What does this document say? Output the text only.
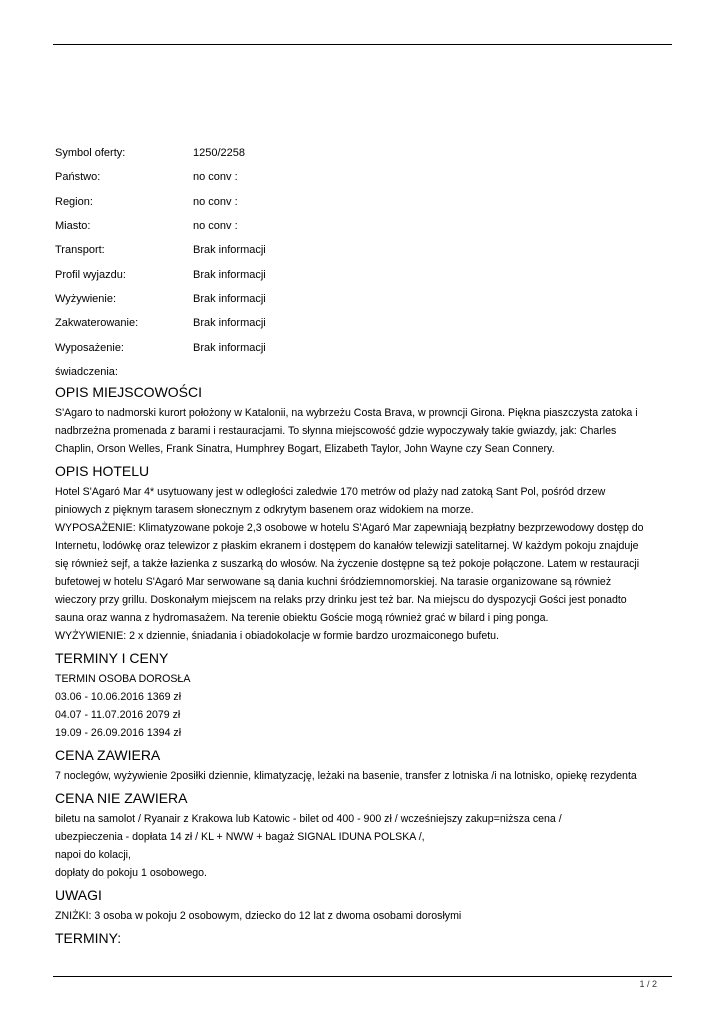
Symbol oferty:	1250/2258
Państwo:	no conv :
Region:	no conv :
Miasto:	no conv :
Transport:	Brak informacji
Profil wyjazdu:	Brak informacji
Wyżywienie:	Brak informacji
Zakwaterowanie:	Brak informacji
Wyposażenie:	Brak informacji
świadczenia:
OPIS MIEJSCOWOŚCI
S'Agaro to nadmorski kurort położony w Katalonii, na wybrzeżu Costa Brava, w prowncji Girona. Piękna piaszczysta zatoka i
nadbrzeżna promenada z barami i restauracjami. To słynna miejscowość gdzie wypoczywały takie gwiazdy, jak: Charles
Chaplin, Orson Welles, Frank Sinatra, Humphrey Bogart, Elizabeth Taylor, John Wayne czy Sean Connery.
OPIS HOTELU
Hotel S'Agaró Mar 4* usytuowany jest w odległości zaledwie 170 metrów od plaży nad zatoką Sant Pol, pośród drzew
piniowych z pięknym tarasem słonecznym z odkrytym basenem oraz widokiem na morze.
WYPOSAŻENIE: Klimatyzowane pokoje 2,3 osobowe w hotelu S'Agaró Mar zapewniają bezpłatny bezprzewodowy dostęp do
Internetu, lodówkę oraz telewizor z płaskim ekranem i dostępem do kanałów telewizji satelitarnej. W każdym pokoju znajduje
się również sejf, a także łazienka z suszarką do włosów. Na życzenie dostępne są też pokoje połączone. Latem w restauracji
bufetowej w hotelu S'Agaró Mar serwowane są dania kuchni śródziemnomorskiej. Na tarasie organizowane są również
wieczory przy grillu. Doskonałym miejscem na relaks przy drinku jest też bar. Na miejscu do dyspozycji Gości jest ponadto
sauna oraz wanna z hydromasażem. Na terenie obiektu Goście mogą również grać w bilard i ping ponga.
WYŻYWIENIE: 2 x dziennie, śniadania i obiadokolacje w formie bardzo urozmaiconego bufetu.
TERMINY I CENY
TERMIN OSOBA DOROSŁA
03.06 - 10.06.2016 1369 zł
04.07 - 11.07.2016 2079 zł
19.09 - 26.09.2016 1394 zł
CENA ZAWIERA
7 noclegów, wyżywienie 2posiłki dziennie, klimatyzację, leżaki na basenie, transfer z lotniska /i na lotnisko, opiekę rezydenta
CENA NIE ZAWIERA
biletu na samolot / Ryanair z Krakowa lub Katowic - bilet od 400 - 900 zł / wcześniejszy zakup=niższa cena /
ubezpieczenia - dopłata 14 zł / KL + NWW + bagaż SIGNAL IDUNA POLSKA /,
napoi do kolacji,
dopłaty do pokoju 1 osobowego.
UWAGI
ZNIŻKI: 3 osoba w pokoju 2 osobowym, dziecko do 12 lat z dwoma osobami dorosłymi
TERMINY:
1 / 2
